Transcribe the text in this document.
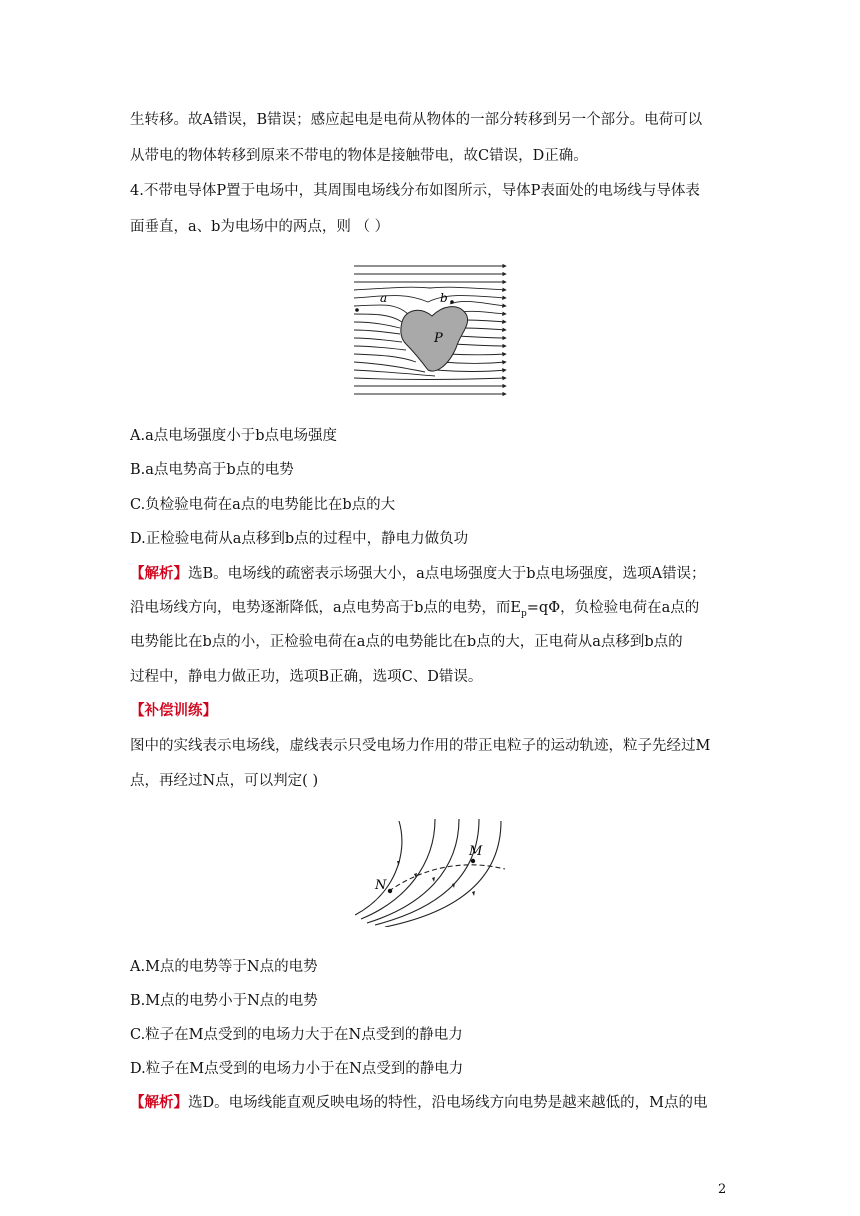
生转移。故A错误，B错误；感应起电是电荷从物体的一部分转移到另一个部分。电荷可以
从带电的物体转移到原来不带电的物体是接触带电，故C错误，D正确。
4.不带电导体P置于电场中，其周围电场线分布如图所示，导体P表面处的电场线与导体表
面垂直，a、b为电场中的两点，则 （ ）
a	b
P
A.a点电场强度小于b点电场强度
B.a点电势高于b点的电势
C.负检验电荷在a点的电势能比在b点的大
D.正检验电荷从a点移到b点的过程中，静电力做负功
【解析】选B。电场线的疏密表示场强大小，a点电场强度大于b点电场强度，选项A错误；
沿电场线方向，电势逐渐降低，a点电势高于b点的电势，而$E_p=q\Phi$，负检验电荷在a点的
电势能比在b点的小，正检验电荷在a点的电势能比在b点的大，正电荷从a点移到b点的
过程中，静电力做正功，选项B正确，选项C、D错误。
【补偿训练】
图中的实线表示电场线，虚线表示只受电场力作用的带正电粒子的运动轨迹，粒子先经过M
点，再经过N点，可以判定( )
N
M
A.M点的电势等于N点的电势
B.M点的电势小于N点的电势
C.粒子在M点受到的电场力大于在N点受到的静电力
D.粒子在M点受到的电场力小于在N点受到的静电力
【解析】选D。电场线能直观反映电场的特性，沿电场线方向电势是越来越低的，M点的电
2
